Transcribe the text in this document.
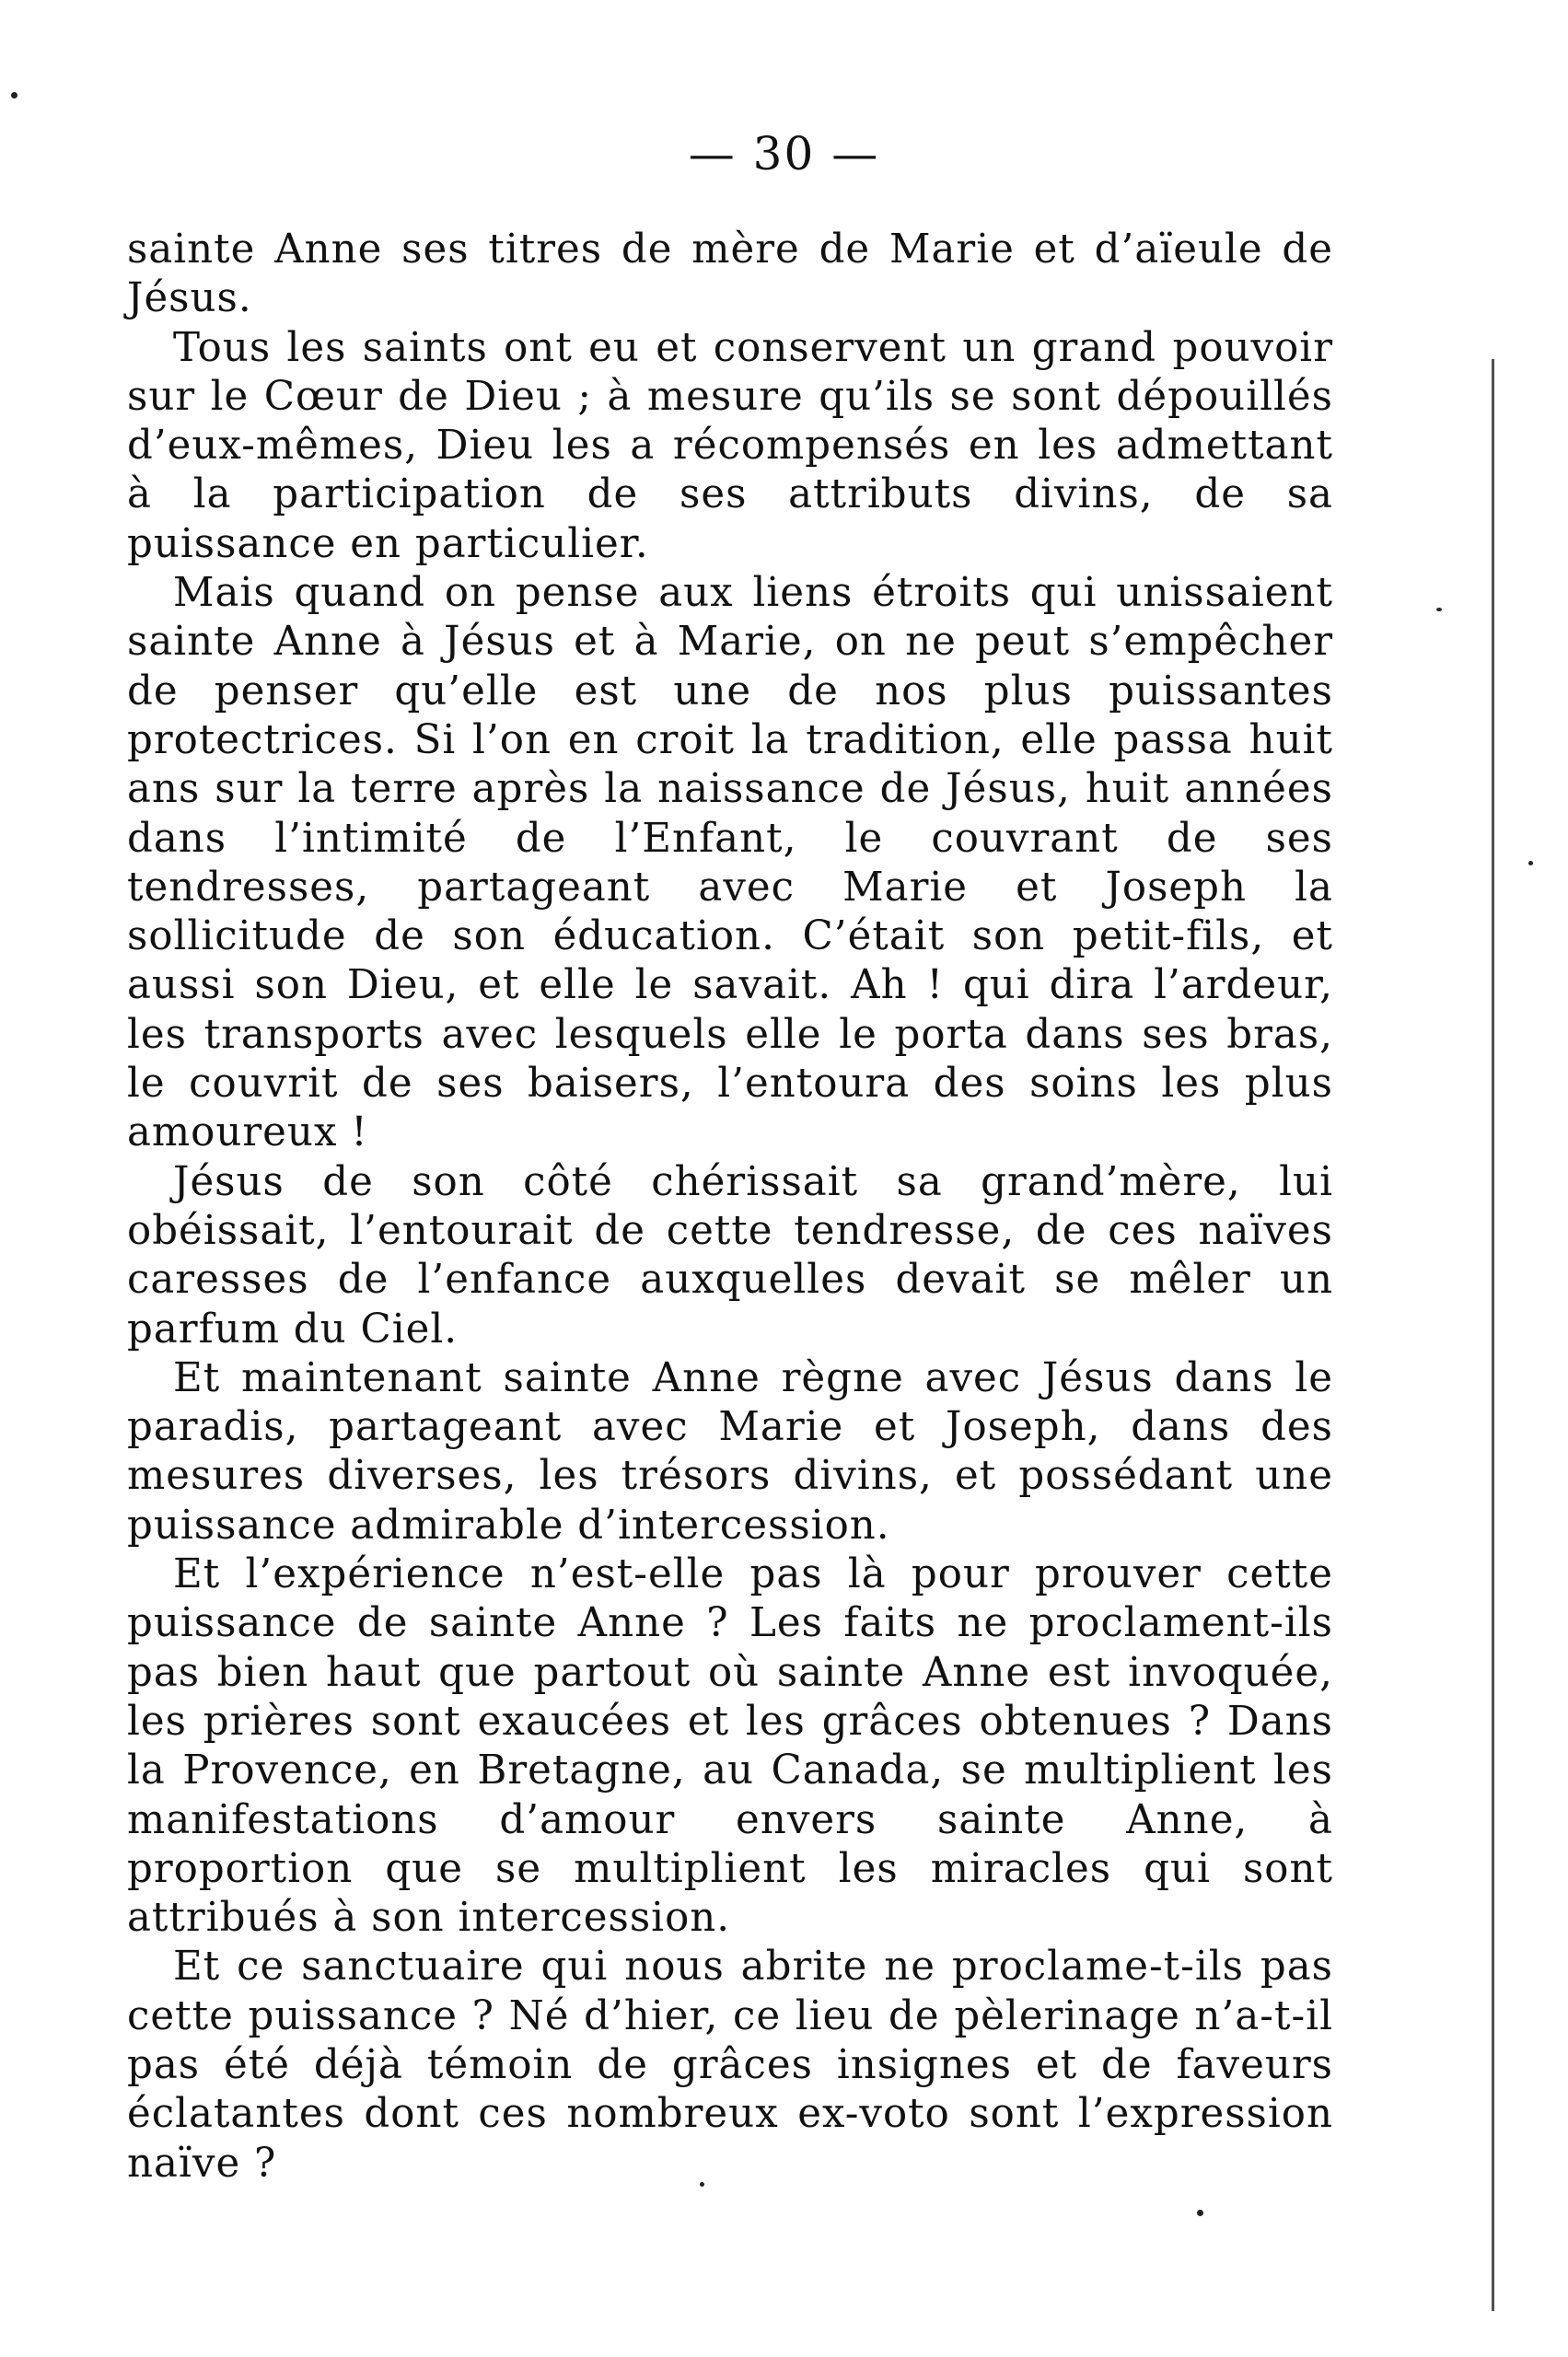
— 30 —

sainte Anne ses titres de mère de Marie et d’aïeule de Jésus.

Tous les saints ont eu et conservent un grand pouvoir sur le Cœur de Dieu ; à mesure qu’ils se sont dépouillés d’eux-mêmes, Dieu les a récompensés en les admettant à la participation de ses attributs divins, de sa puissance en particulier.

Mais quand on pense aux liens étroits qui unissaient sainte Anne à Jésus et à Marie, on ne peut s’empêcher de penser qu’elle est une de nos plus puissantes protectrices. Si l’on en croit la tradition, elle passa huit ans sur la terre après la naissance de Jésus, huit années dans l’intimité de l’Enfant, le couvrant de ses tendresses, partageant avec Marie et Joseph la sollicitude de son éducation. C’était son petit-fils, et aussi son Dieu, et elle le savait. Ah ! qui dira l’ardeur, les transports avec lesquels elle le porta dans ses bras, le couvrit de ses baisers, l’entoura des soins les plus amoureux !

Jésus de son côté chérissait sa grand’mère, lui obéissait, l’entourait de cette tendresse, de ces naïves caresses de l’enfance auxquelles devait se mêler un parfum du Ciel.

Et maintenant sainte Anne règne avec Jésus dans le paradis, partageant avec Marie et Joseph, dans des mesures diverses, les trésors divins, et possédant une puissance admirable d’intercession.

Et l’expérience n’est-elle pas là pour prouver cette puissance de sainte Anne ? Les faits ne proclament-ils pas bien haut que partout où sainte Anne est invoquée, les prières sont exaucées et les grâces obtenues ? Dans la Provence, en Bretagne, au Canada, se multiplient les manifestations d’amour envers sainte Anne, à proportion que se multiplient les miracles qui sont attribués à son intercession.

Et ce sanctuaire qui nous abrite ne proclame-t-ils pas cette puissance ? Né d’hier, ce lieu de pèlerinage n’a-t-il pas été déjà témoin de grâces insignes et de faveurs éclatantes dont ces nombreux ex-voto sont l’expression naïve ?
